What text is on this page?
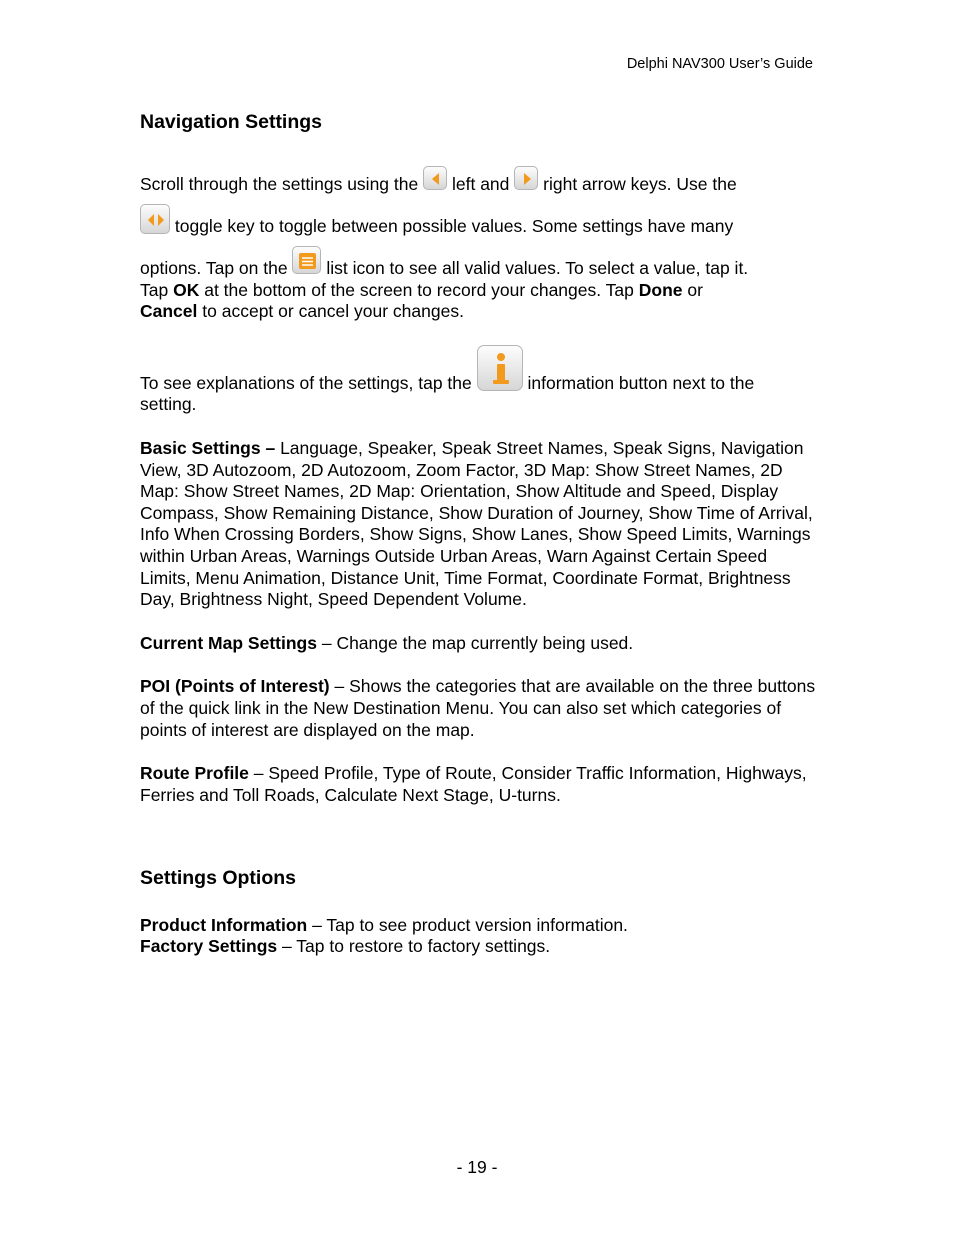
Delphi NAV300 User’s Guide
Navigation Settings

Scroll through the settings using the left and right arrow keys. Use the

toggle key to toggle between possible values. Some settings have many
options. Tap on the list icon to see all valid values. To select a value, tap it.

Tap OK at the bottom of the screen to record your changes. Tap Done or
Cancel to accept or cancel your changes.

To see explanations of the settings, tap the	information button next to the
setting.

Basic Settings – Language, Speaker, Speak Street Names, Speak Signs, Navigation View, 3D Autozoom, 2D Autozoom, Zoom Factor, 3D Map: Show Street Names, 2D Map: Show Street Names, 2D Map: Orientation, Show Altitude and Speed, Display Compass, Show Remaining Distance, Show Duration of Journey, Show Time of Arrival, Info When Crossing Borders, Show Signs, Show Lanes, Show Speed Limits, Warnings within Urban Areas, Warnings Outside Urban Areas, Warn Against Certain Speed Limits, Menu Animation, Distance Unit, Time Format, Coordinate Format, Brightness Day, Brightness Night, Speed Dependent Volume.

Current Map Settings – Change the map currently being used.

POI (Points of Interest) – Shows the categories that are available on the three buttons of the quick link in the New Destination Menu. You can also set which categories of points of interest are displayed on the map.

Route Profile – Speed Profile, Type of Route, Consider Traffic Information, Highways, Ferries and Toll Roads, Calculate Next Stage, U-turns.

Settings Options

Product Information – Tap to see product version information.

Factory Settings – Tap to restore to factory settings.

- 19 -
